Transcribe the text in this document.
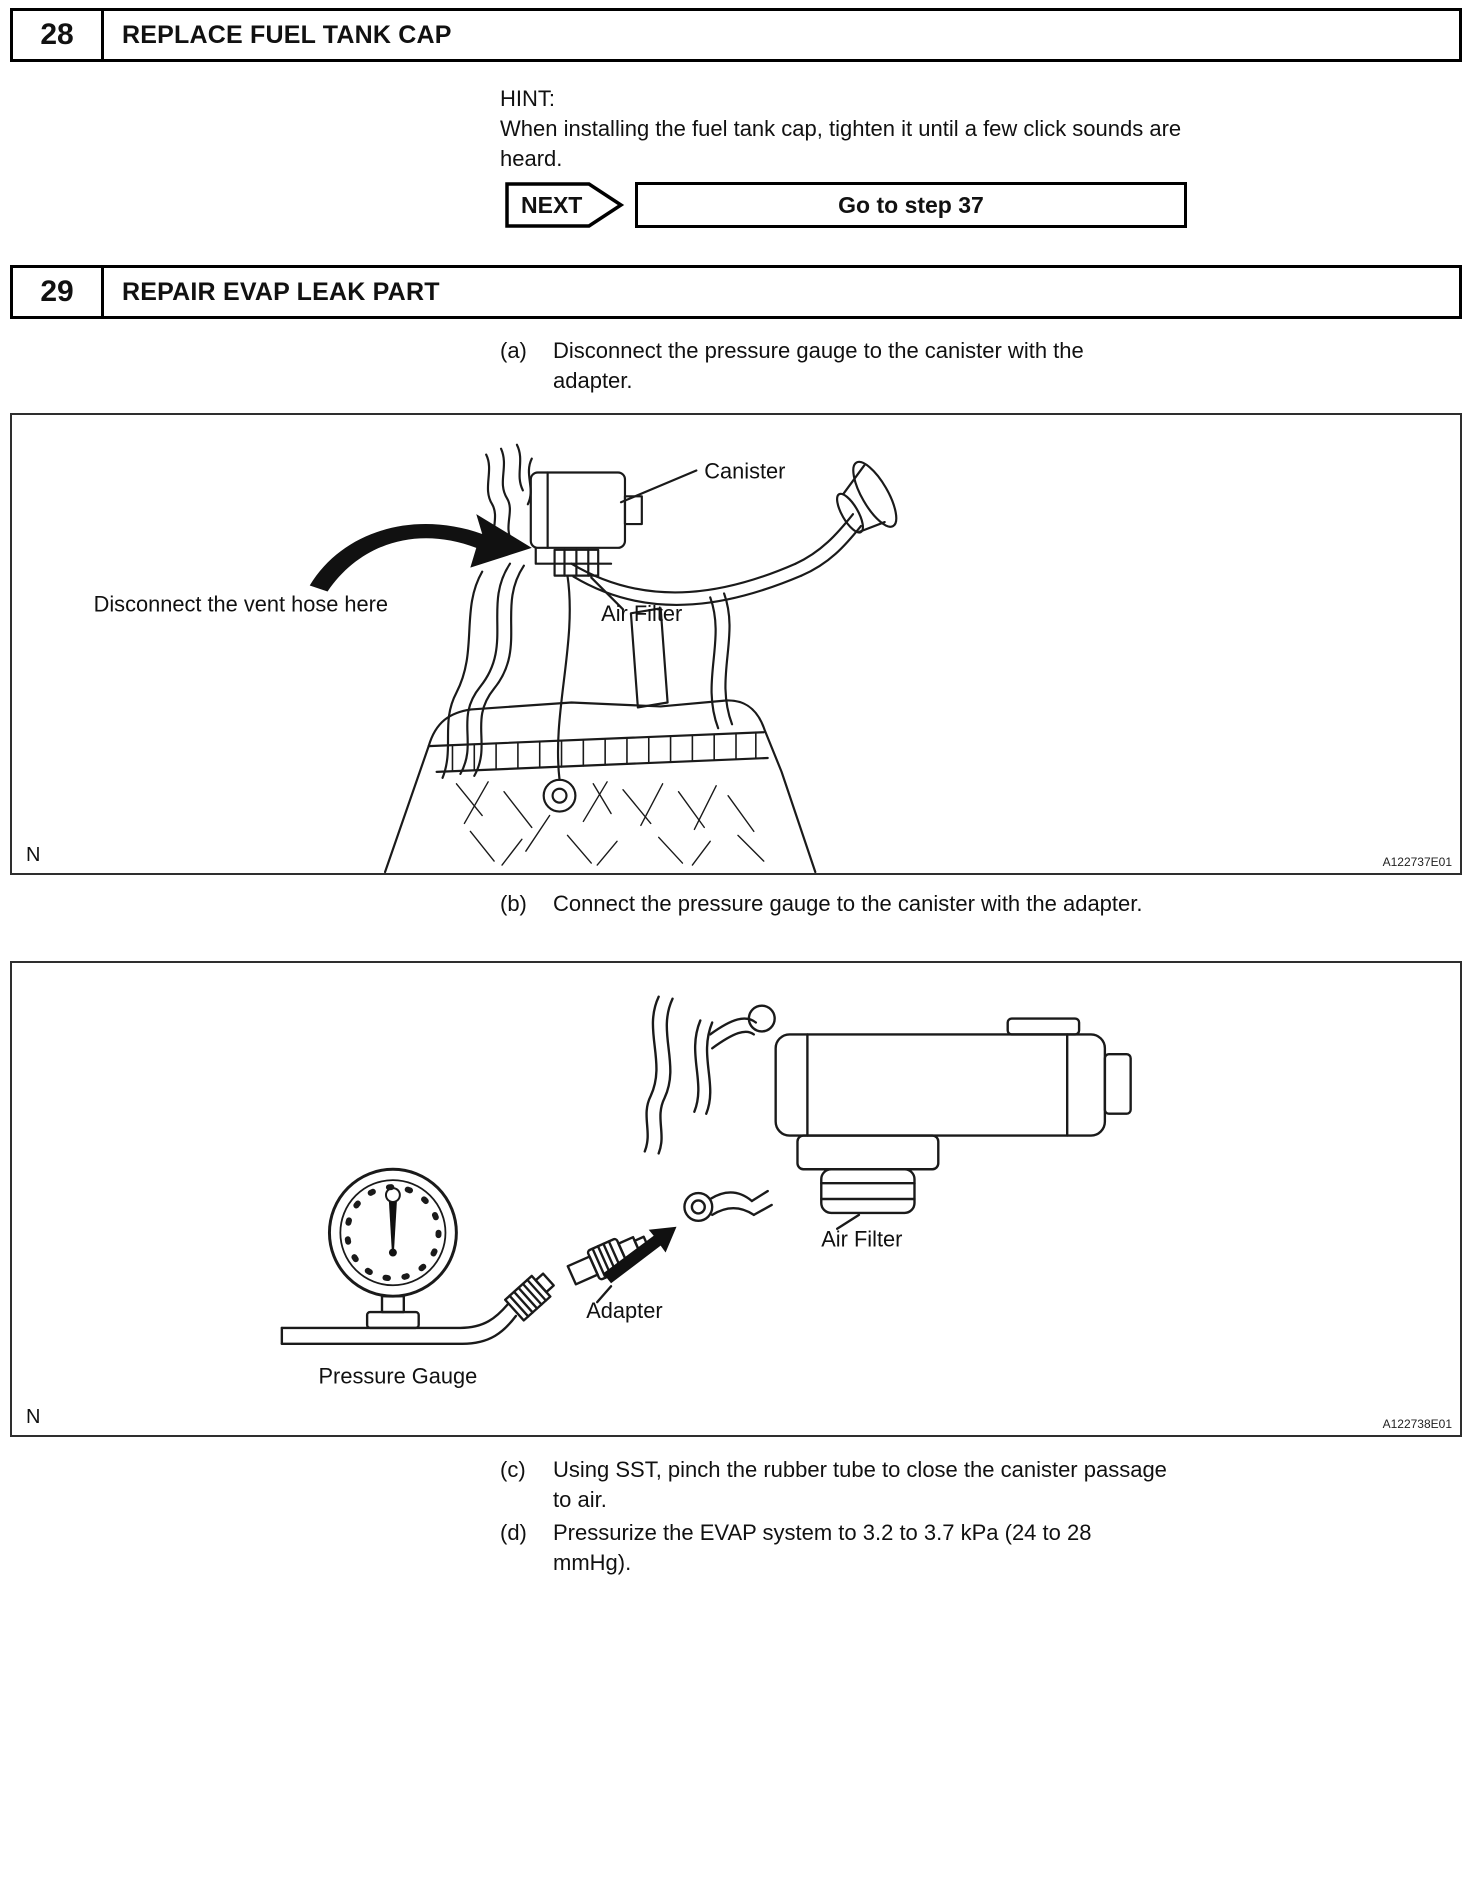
28	REPLACE FUEL TANK CAP
HINT:
When installing the fuel tank cap, tighten it until a few click sounds are heard.
NEXT	Go to step 37
29	REPAIR EVAP LEAK PART
(a)	Disconnect the pressure gauge to the canister with the adapter.
Canister
Disconnect the vent hose here	Air Filter
N	A122737E01
(b)	Connect the pressure gauge to the canister with the adapter.
Air Filter
Adapter
Pressure Gauge
N	A122738E01
(c)	Using SST, pinch the rubber tube to close the canister passage to air.
(d)	Pressurize the EVAP system to 3.2 to 3.7 kPa (24 to 28 mmHg).
